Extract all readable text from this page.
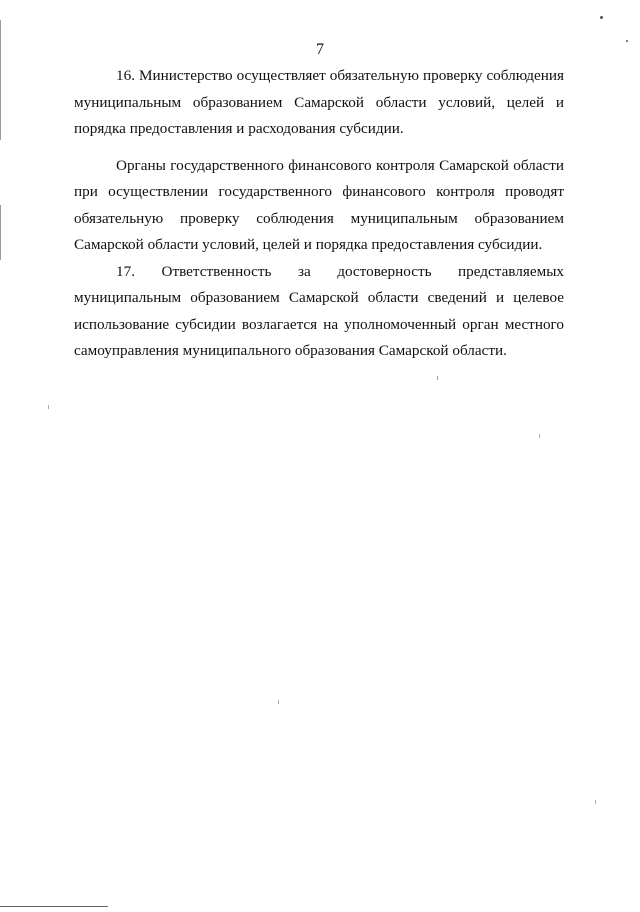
7

16. Министерство осуществляет обязательную проверку соблюдения муниципальным образованием Самарской области условий, целей и порядка предоставления и расходования субсидии.

Органы государственного финансового контроля Самарской области при осуществлении государственного финансового контроля проводят обязательную проверку соблюдения муниципальным образованием Самарской области условий, целей и порядка предоставления субсидии.

17. Ответственность за достоверность представляемых
муниципальным образованием Самарской области сведений и целевое использование субсидии возлагается на уполномоченный орган местного самоуправления муниципального образования Самарской области.
